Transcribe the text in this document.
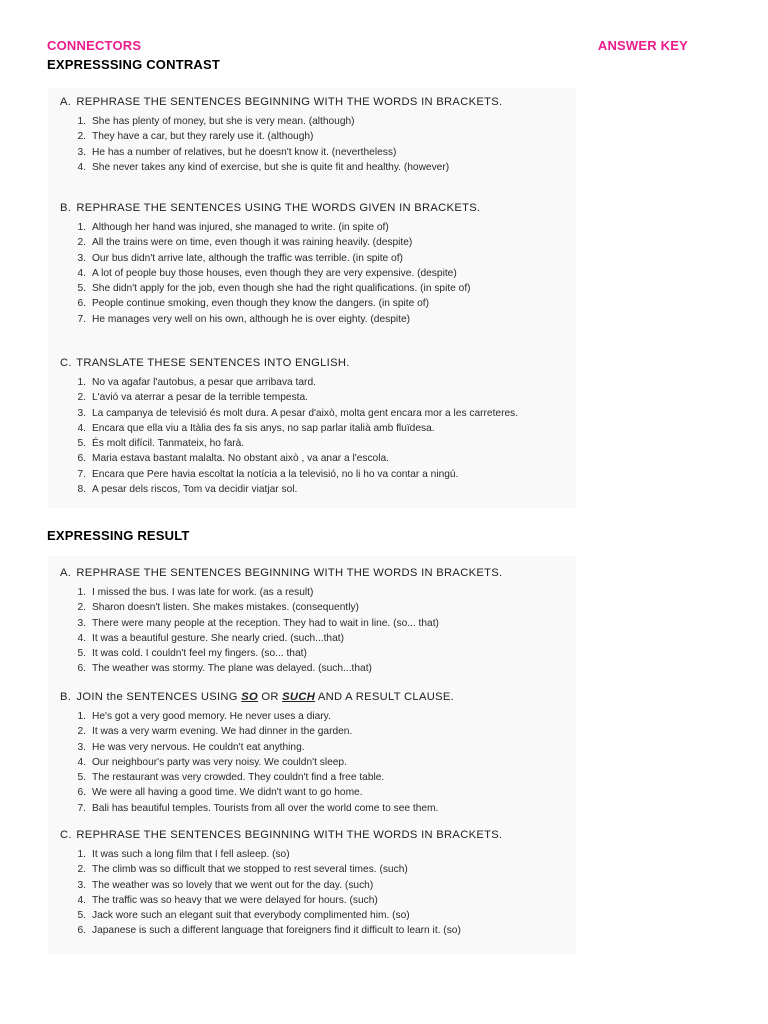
CONNECTORS
EXPRESSSING CONTRAST
ANSWER KEY
A. REPHRASE THE SENTENCES BEGINNING WITH THE WORDS IN BRACKETS.
1. She has plenty of money, but she is very mean. (although)
2. They have a car, but they rarely use it. (although)
3. He has a number of relatives, but he doesn't know it. (nevertheless)
4. She never takes any kind of exercise, but she is quite fit and healthy. (however)
B. REPHRASE THE SENTENCES USING THE WORDS GIVEN IN BRACKETS.
1. Although her hand was injured, she managed to write. (in spite of)
2. All the trains were on time, even though it was raining heavily. (despite)
3. Our bus didn't arrive late, although the traffic was terrible. (in spite of)
4. A lot of people buy those houses, even though they are very expensive. (despite)
5. She didn't apply for the job, even though she had the right qualifications. (in spite of)
6. People continue smoking, even though they know the dangers. (in spite of)
7. He manages very well on his own, although he is over eighty. (despite)
C. TRANSLATE THESE SENTENCES INTO ENGLISH.
1. No va agafar l'autobus, a pesar que arribava tard.
2. L'avió va aterrar a pesar de la terrible tempesta.
3. La campanya de televisió és molt dura. A pesar d'això, molta gent encara mor a les carreteres.
4. Encara que ella viu a Itàlia des fa sis anys, no sap parlar italià amb fluïdesa.
5. És molt difícil. Tanmateix, ho farà.
6. Maria estava bastant malalta. No obstant això , va anar a l'escola.
7. Encara que Pere havia escoltat la notícia a la televisió, no li ho va contar a ningú.
8. A pesar dels riscos, Tom va decidir viatjar sol.
EXPRESSING RESULT
A. REPHRASE THE SENTENCES BEGINNING WITH THE WORDS IN BRACKETS.
1. I missed the bus. I was late for work. (as a result)
2. Sharon doesn't listen. She makes mistakes. (consequently)
3. There were many people at the reception. They had to wait in line. (so... that)
4. It was a beautiful gesture. She nearly cried. (such...that)
5. It was cold. I couldn't feel my fingers. (so... that)
6. The weather was stormy. The plane was delayed. (such...that)
B. JOIN the SENTENCES USING SO OR SUCH AND A RESULT CLAUSE.
1. He's got a very good memory. He never uses a diary.
2. It was a very warm evening. We had dinner in the garden.
3. He was very nervous. He couldn't eat anything.
4. Our neighbour's party was very noisy. We couldn't sleep.
5. The restaurant was very crowded. They couldn't find a free table.
6. We were all having a good time. We didn't want to go home.
7. Bali has beautiful temples. Tourists from all over the world come to see them.
C. REPHRASE THE SENTENCES BEGINNING WITH THE WORDS IN BRACKETS.
1. It was such a long film that I fell asleep. (so)
2. The climb was so difficult that we stopped to rest several times. (such)
3. The weather was so lovely that we went out for the day. (such)
4. The traffic was so heavy that we were delayed for hours. (such)
5. Jack wore such an elegant suit that everybody complimented him. (so)
6. Japanese is such a different language that foreigners find it difficult to learn it. (so)
